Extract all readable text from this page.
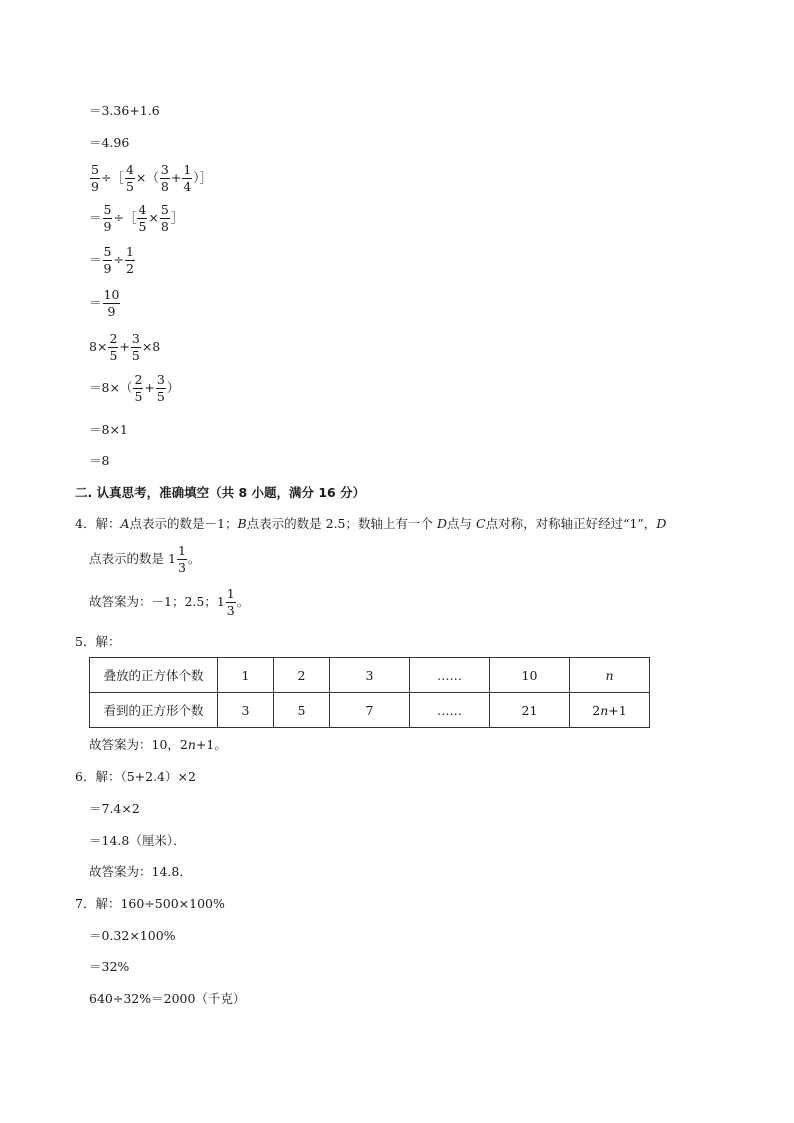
＝3.36+1.6
＝4.96
$\frac{5}{9}$ ÷［ $\frac{4}{5}$ ×（ $\frac{3}{8} + \frac{1}{4}$ ）］
＝ $\frac{5}{9}$ ÷［ $\frac{4}{5} \times \frac{5}{8}$ ］
＝ $\frac{5}{9} \div \frac{1}{2}$
＝ $\frac{10}{9}$
$8\times \frac{2}{5} + \frac{3}{5} \times 8$
$=8\times( \frac{2}{5} + \frac{3}{5}$ ）
＝8×1
＝8
二. 认真思考，准确填空（共 8 小题，满分 16 分）
4．解：A点表示的数是－1；B点表示的数是 2.5；数轴上有一个 D点与 C点对称，对称轴正好经过“1”，D
点表示的数是 $1 \frac{1}{3}$ 。
故答案为：－1；2.5； $1 \frac{1}{3}$ 。
5．解：
叠放的正方体个数	1	2	3	……	10	n
看到的正方形个数	3	5	7	……	21	2n+1
故答案为：10，2n+1。
6．解：（5+2.4）×2
＝7.4×2
＝14.8（厘米）．
故答案为：14.8．
7．解：160÷500×100%
＝0.32×100%
＝32%
640÷32%＝2000（千克）
